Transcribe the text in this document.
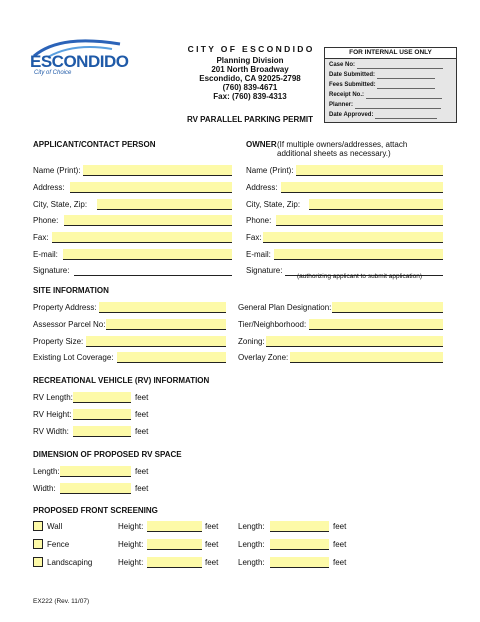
ESCONDIDO
City of Choice
C I T Y   O F   E S C O N D I D O
Planning Division
201 North Broadway
Escondido, CA 92025-2798
(760) 839-4671
Fax: (760) 839-4313
RV PARALLEL PARKING PERMIT
FOR INTERNAL USE ONLY
Case No:
Date Submitted:
Fees Submitted:
Receipt No.:
Planner:
Date Approved:
APPLICANT/CONTACT PERSON	OWNER (If multiple owners/addresses, attach
additional sheets as necessary.)
Name (Print):
Address:
City, State, Zip:
Phone:
Fax:
E-mail:
Signature:
Name (Print):
Address:
City, State, Zip:
Phone:
Fax:
E-mail:
Signature:
(authorizing applicant to submit application)
SITE INFORMATION
Property Address:
Assessor Parcel No:
Property Size:
Existing Lot Coverage:
General Plan Designation:
Tier/Neighborhood:
Zoning:
Overlay Zone:
RECREATIONAL VEHICLE (RV) INFORMATION
RV Length:	feet
RV Height:	feet
RV Width:	feet
DIMENSION OF PROPOSED RV SPACE
Length:	feet
Width:	feet
PROPOSED FRONT SCREENING
Wall	Height:	feet Length:	feet
Fence	Height:	feet Length:	feet
Landscaping	Height:	feet Length:	feet
EX222 (Rev. 11/07)
